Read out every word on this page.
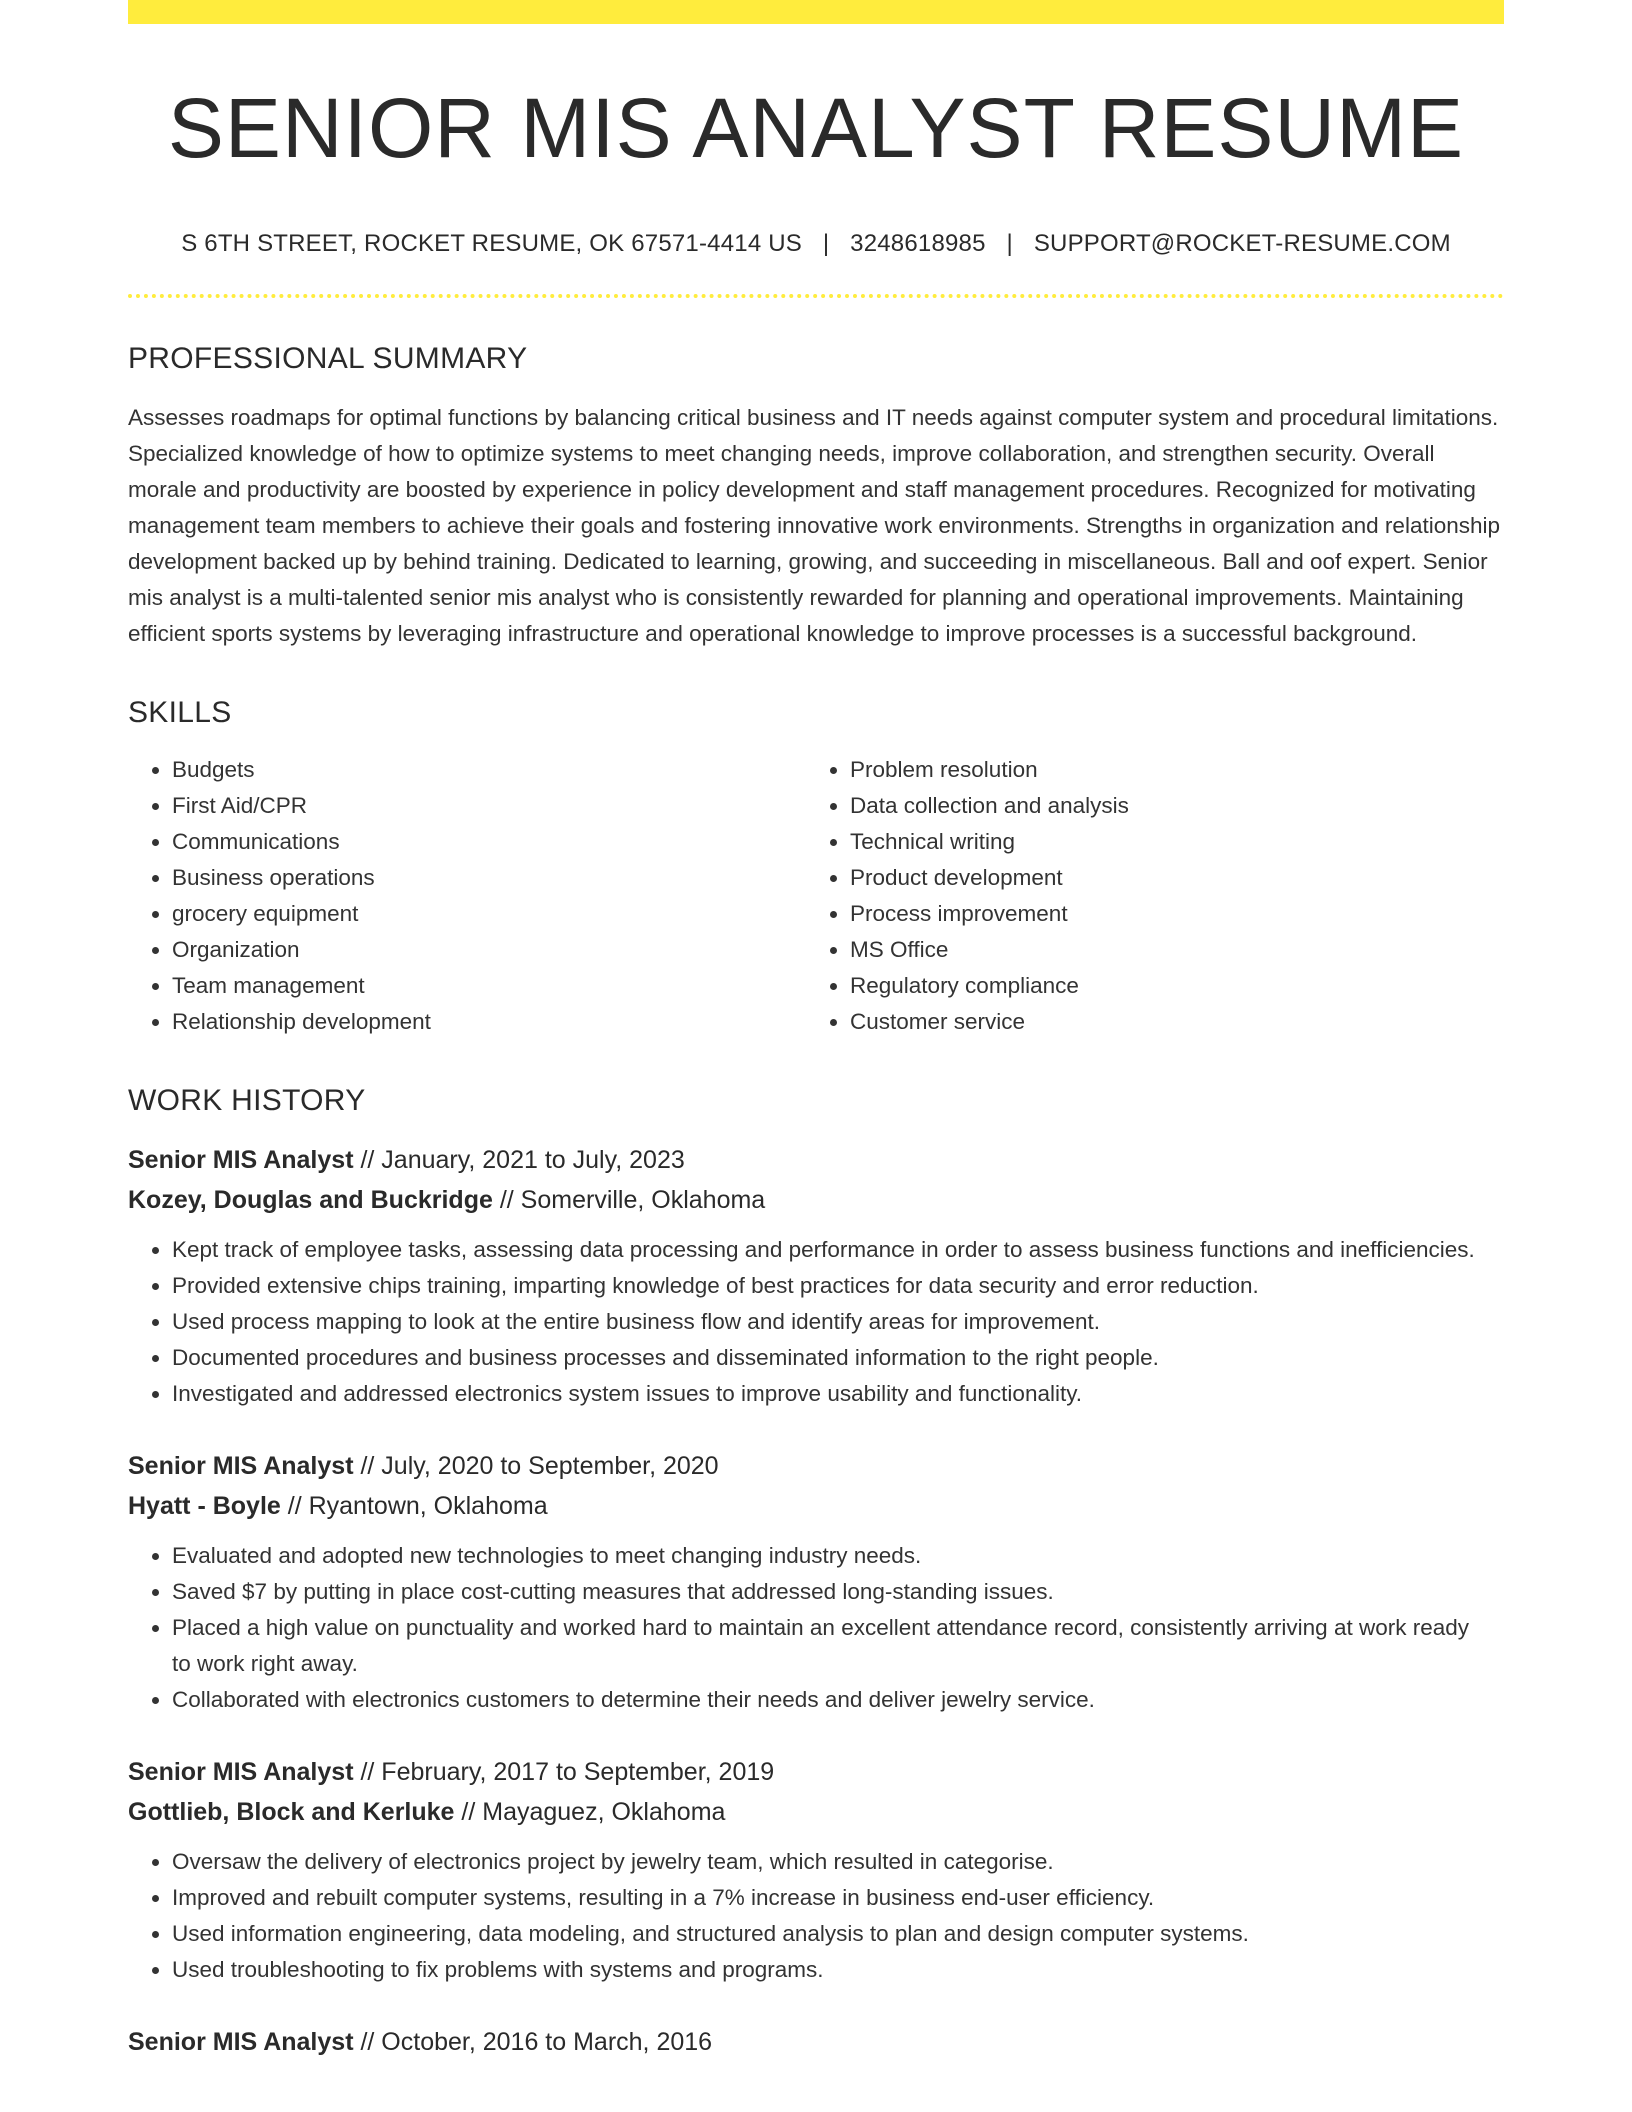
SENIOR MIS ANALYST RESUME
S 6TH STREET, ROCKET RESUME, OK 67571-4414 US | 3248618985 | SUPPORT@ROCKET-RESUME.COM
PROFESSIONAL SUMMARY
Assesses roadmaps for optimal functions by balancing critical business and IT needs against computer system and procedural limitations. Specialized knowledge of how to optimize systems to meet changing needs, improve collaboration, and strengthen security. Overall morale and productivity are boosted by experience in policy development and staff management procedures. Recognized for motivating management team members to achieve their goals and fostering innovative work environments. Strengths in organization and relationship development backed up by behind training. Dedicated to learning, growing, and succeeding in miscellaneous. Ball and oof expert. Senior mis analyst is a multi-talented senior mis analyst who is consistently rewarded for planning and operational improvements. Maintaining efficient sports systems by leveraging infrastructure and operational knowledge to improve processes is a successful background.
SKILLS
• Budgets
• First Aid/CPR
• Communications
• Business operations
• grocery equipment
• Organization
• Team management
• Relationship development
• Problem resolution
• Data collection and analysis
• Technical writing
• Product development
• Process improvement
• MS Office
• Regulatory compliance
• Customer service
WORK HISTORY
Senior MIS Analyst // January, 2021 to July, 2023
Kozey, Douglas and Buckridge // Somerville, Oklahoma
• Kept track of employee tasks, assessing data processing and performance in order to assess business functions and inefficiencies.
• Provided extensive chips training, imparting knowledge of best practices for data security and error reduction.
• Used process mapping to look at the entire business flow and identify areas for improvement.
• Documented procedures and business processes and disseminated information to the right people.
• Investigated and addressed electronics system issues to improve usability and functionality.
Senior MIS Analyst // July, 2020 to September, 2020
Hyatt - Boyle // Ryantown, Oklahoma
• Evaluated and adopted new technologies to meet changing industry needs.
• Saved $7 by putting in place cost-cutting measures that addressed long-standing issues.
• Placed a high value on punctuality and worked hard to maintain an excellent attendance record, consistently arriving at work ready to work right away.
• Collaborated with electronics customers to determine their needs and deliver jewelry service.
Senior MIS Analyst // February, 2017 to September, 2019
Gottlieb, Block and Kerluke // Mayaguez, Oklahoma
• Oversaw the delivery of electronics project by jewelry team, which resulted in categorise.
• Improved and rebuilt computer systems, resulting in a 7% increase in business end-user efficiency.
• Used information engineering, data modeling, and structured analysis to plan and design computer systems.
• Used troubleshooting to fix problems with systems and programs.
Senior MIS Analyst // October, 2016 to March, 2016
